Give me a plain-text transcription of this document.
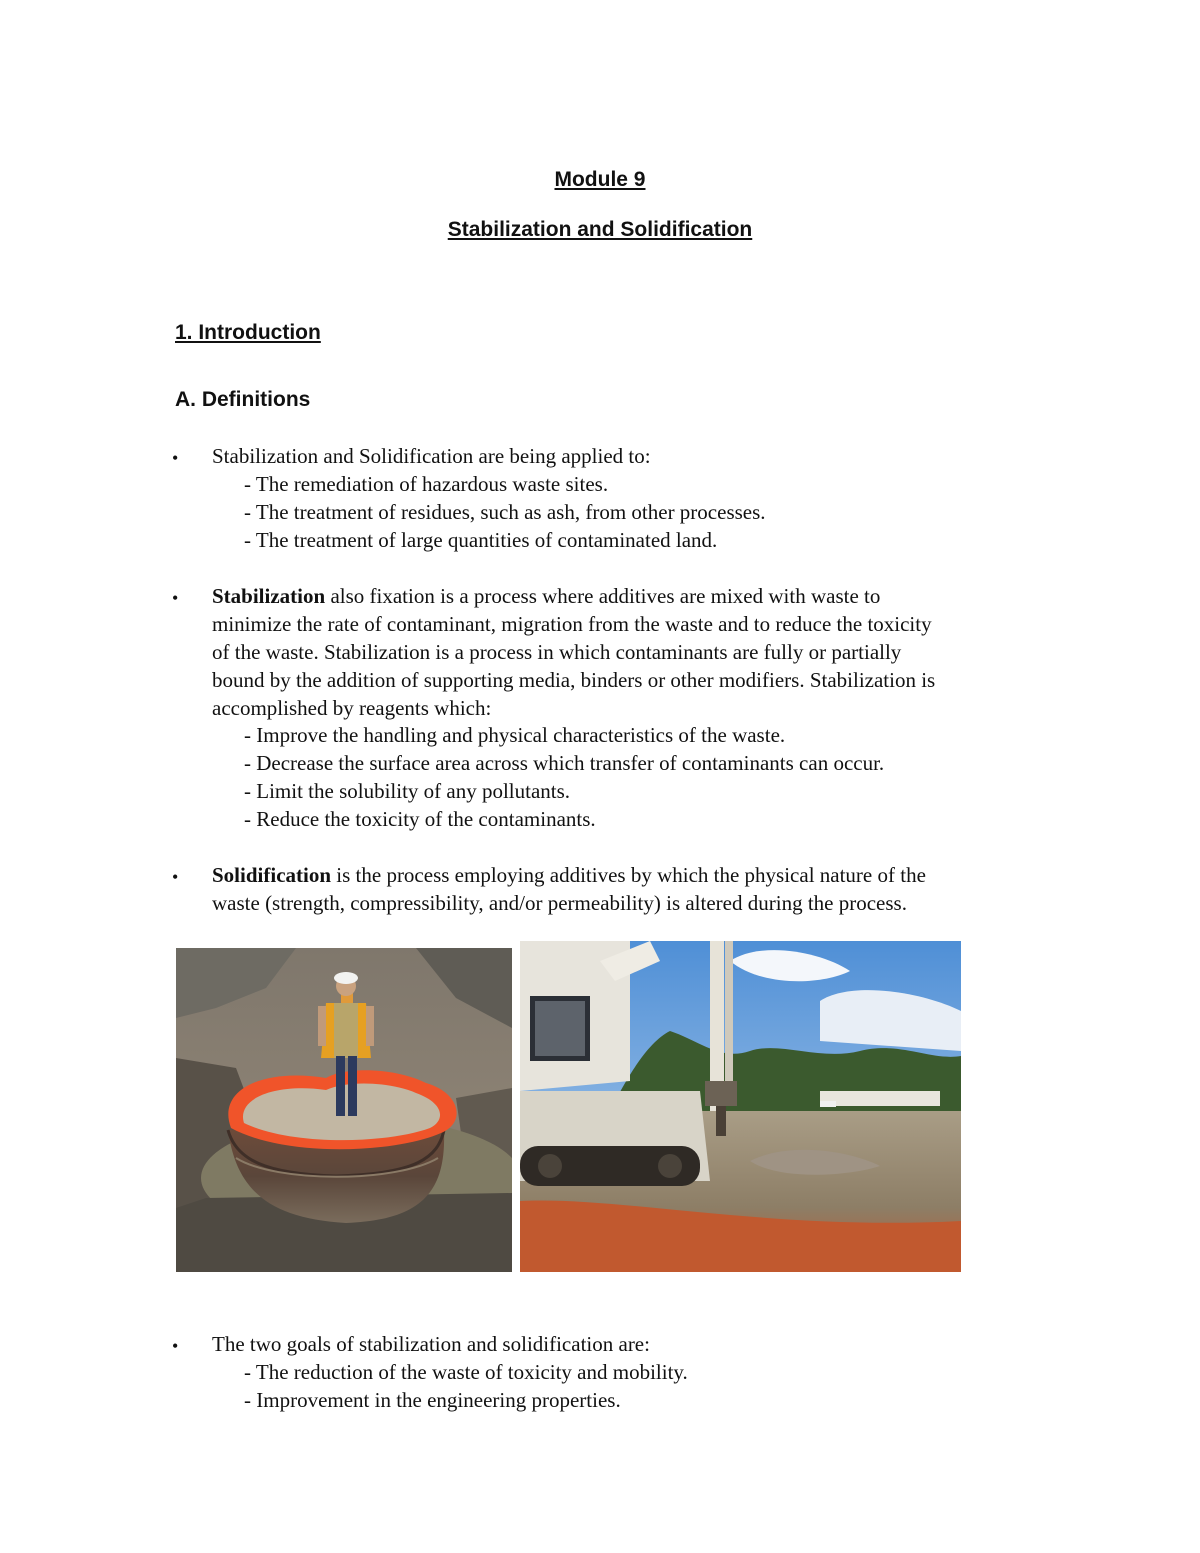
Module 9
Stabilization and Solidification
1. Introduction
A. Definitions
• Stabilization and Solidification are being applied to:
- The remediation of hazardous waste sites.
- The treatment of residues, such as ash, from other processes.
- The treatment of large quantities of contaminated land.
• Stabilization also fixation is a process where additives are mixed with waste to
minimize the rate of contaminant, migration from the waste and to reduce the toxicity
of the waste. Stabilization is a process in which contaminants are fully or partially
bound by the addition of supporting media, binders or other modifiers. Stabilization is
accomplished by reagents which:
- Improve the handling and physical characteristics of the waste.
- Decrease the surface area across which transfer of contaminants can occur.
- Limit the solubility of any pollutants.
- Reduce the toxicity of the contaminants.
• Solidification is the process employing additives by which the physical nature of the
waste (strength, compressibility, and/or permeability) is altered during the process.
• The two goals of stabilization and solidification are:
- The reduction of the waste of toxicity and mobility.
- Improvement in the engineering properties.
